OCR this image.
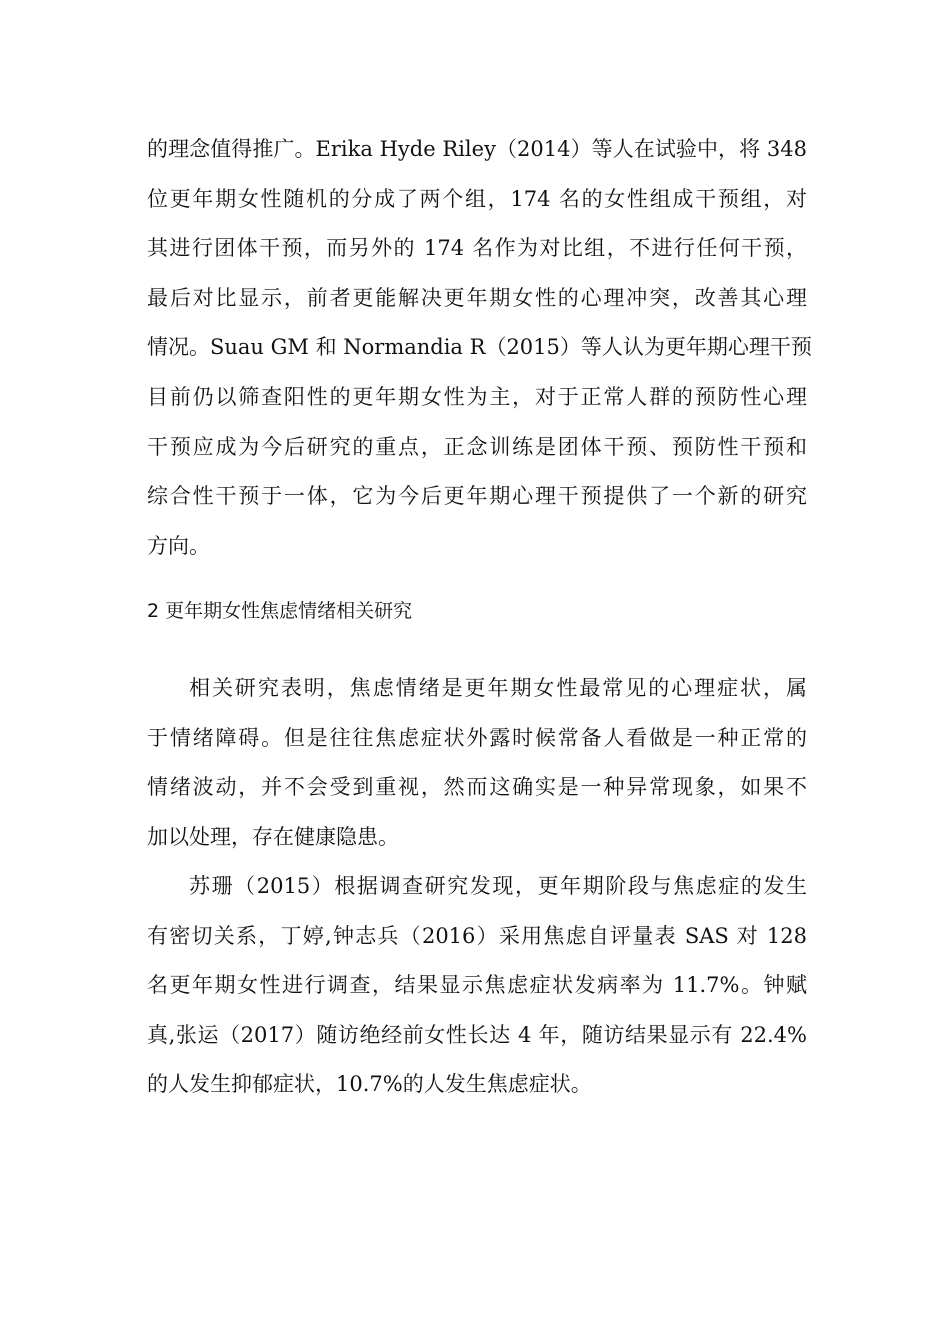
的理念值得推广。Erika Hyde Riley（2014）等人在试验中，将 348
位更年期女性随机的分成了两个组，174 名的女性组成干预组，对
其进行团体干预，而另外的 174 名作为对比组，不进行任何干预，
最后对比显示，前者更能解决更年期女性的心理冲突，改善其心理
情况。Suau GM 和 Normandia R（2015）等人认为更年期心理干预
目前仍以筛查阳性的更年期女性为主，对于正常人群的预防性心理
干预应成为今后研究的重点，正念训练是团体干预、预防性干预和
综合性干预于一体，它为今后更年期心理干预提供了一个新的研究
方向。
2 更年期女性焦虑情绪相关研究
相关研究表明，焦虑情绪是更年期女性最常见的心理症状，属
于情绪障碍。但是往往焦虑症状外露时候常备人看做是一种正常的
情绪波动，并不会受到重视，然而这确实是一种异常现象，如果不
加以处理，存在健康隐患。
苏珊（2015）根据调查研究发现，更年期阶段与焦虑症的发生
有密切关系，丁婷,钟志兵（2016）采用焦虑自评量表 SAS 对 128
名更年期女性进行调查，结果显示焦虑症状发病率为 11.7%。钟赋
真,张运（2017）随访绝经前女性长达 4 年，随访结果显示有 22.4%
的人发生抑郁症状，10.7%的人发生焦虑症状。
